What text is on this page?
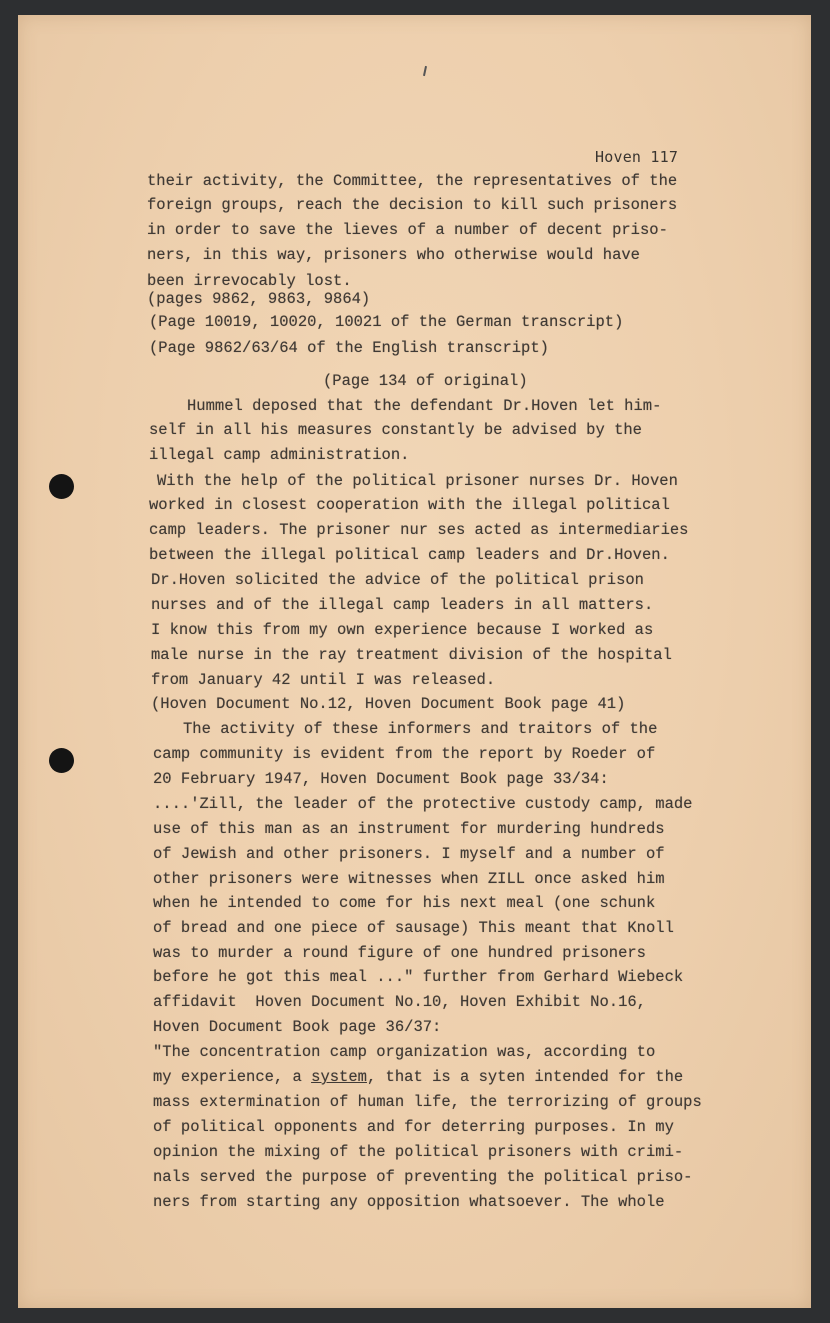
Hoven 117
their activity, the Committee, the representatives of the
foreign groups, reach the decision to kill such prisoners
in order to save the lieves of a number of decent priso-
ners, in this way, prisoners who otherwise would have
been irrevocably lost.
(pages 9862, 9863, 9864)
(Page 10019, 10020, 10021 of the German transcript)
(Page 9862/63/64 of the English transcript)
(Page 134 of original)
Hummel deposed that the defendant Dr.Hoven let him-
self in all his measures constantly be advised by the
illegal camp administration.
With the help of the political prisoner nurses Dr. Hoven
worked in closest cooperation with the illegal political
camp leaders. The prisoner nur ses acted as intermediaries
between the illegal political camp leaders and Dr.Hoven.
Dr.Hoven solicited the advice of the political prison
nurses and of the illegal camp leaders in all matters.
I know this from my own experience because I worked as
male nurse in the ray treatment division of the hospital
from January 42 until I was released.
(Hoven Document No.12, Hoven Document Book page 41)
The activity of these informers and traitors of the
camp community is evident from the report by Roeder of
20 February 1947, Hoven Document Book page 33/34:
....'Zill, the leader of the protective custody camp, made
use of this man as an instrument for murdering hundreds
of Jewish and other prisoners. I myself and a number of
other prisoners were witnesses when ZILL once asked him
when he intended to come for his next meal (one schunk
of bread and one piece of sausage) This meant that Knoll
was to murder a round figure of one hundred prisoners
before he got this meal ..." further from Gerhard Wiebeck
affidavit  Hoven Document No.10, Hoven Exhibit No.16,
Hoven Document Book page 36/37:
"The concentration camp organization was, according to
my experience, a system, that is a syten intended for the
mass extermination of human life, the terrorizing of groups
of political opponents and for deterring purposes. In my
opinion the mixing of the political prisoners with crimi-
nals served the purpose of preventing the political priso-
ners from starting any opposition whatsoever. The whole
